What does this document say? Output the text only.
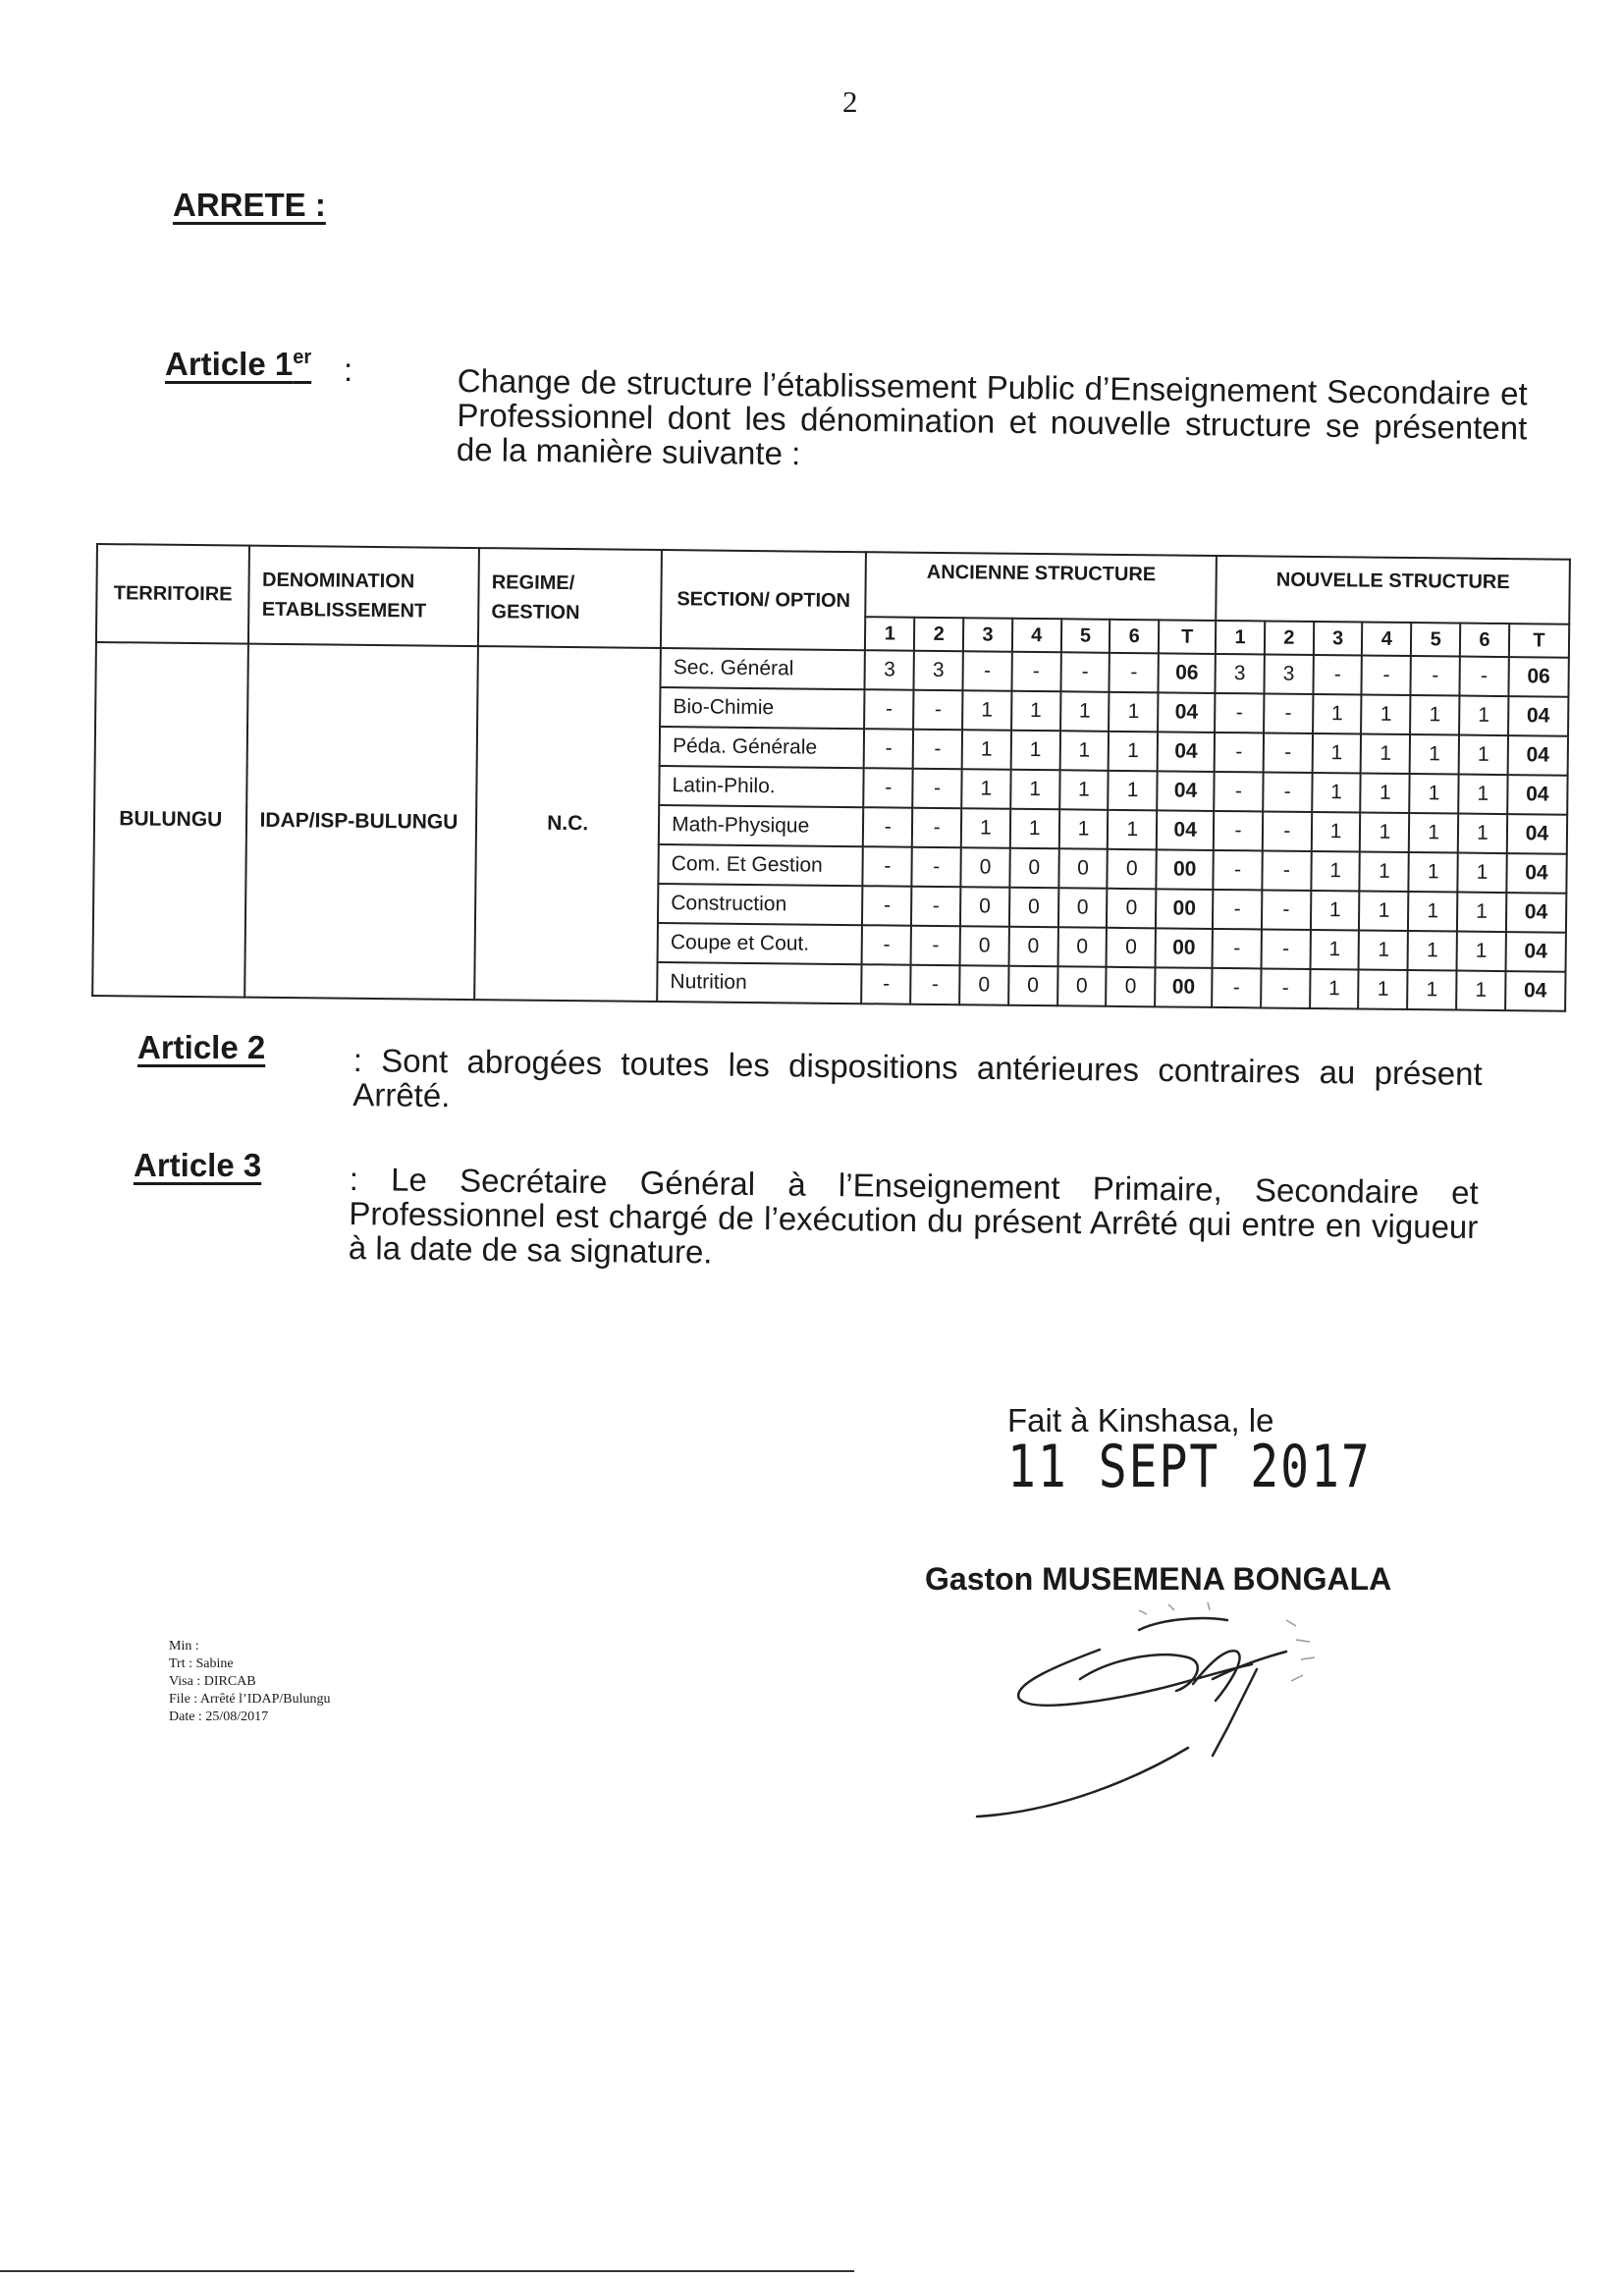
2
ARRETE :
Article 1er :	Change de structure l’établissement Public d’Enseignement Secondaire et Professionnel dont les dénomination et nouvelle structure se présentent de la manière suivante :
TERRITOIRE	DENOMINATION ETABLISSEMENT	REGIME/ GESTION	SECTION/ OPTION	ANCIENNE STRUCTURE							NOUVELLE STRUCTURE						
				1	2	3	4	5	6	T	1	2	3	4	5	6	T
BULUNGU	IDAP/ISP-BULUNGU	N.C.	Sec. Général	3	3	-	-	-	-	06	3	3	-	-	-	-	06
			Bio-Chimie	-	-	1	1	1	1	04	-	-	1	1	1	1	04
			Péda. Générale	-	-	1	1	1	1	04	-	-	1	1	1	1	04
			Latin-Philo.	-	-	1	1	1	1	04	-	-	1	1	1	1	04
			Math-Physique	-	-	1	1	1	1	04	-	-	1	1	1	1	04
			Com. Et Gestion	-	-	0	0	0	0	00	-	-	1	1	1	1	04
			Construction	-	-	0	0	0	0	00	-	-	1	1	1	1	04
			Coupe et Cout.	-	-	0	0	0	0	00	-	-	1	1	1	1	04
			Nutrition	-	-	0	0	0	0	00	-	-	1	1	1	1	04
Article 2	: Sont abrogées toutes les dispositions antérieures contraires au présent Arrêté.
Article 3	: Le Secrétaire Général à l’Enseignement Primaire, Secondaire et Professionnel est chargé de l’exécution du présent Arrêté qui entre en vigueur à la date de sa signature.
Fait à Kinshasa, le 11 SEPT 2017
Gaston MUSEMENA BONGALA
Min :
Trt : Sabine
Visa : DIRCAB
File : Arrêté l’IDAP/Bulungu
Date : 25/08/2017
